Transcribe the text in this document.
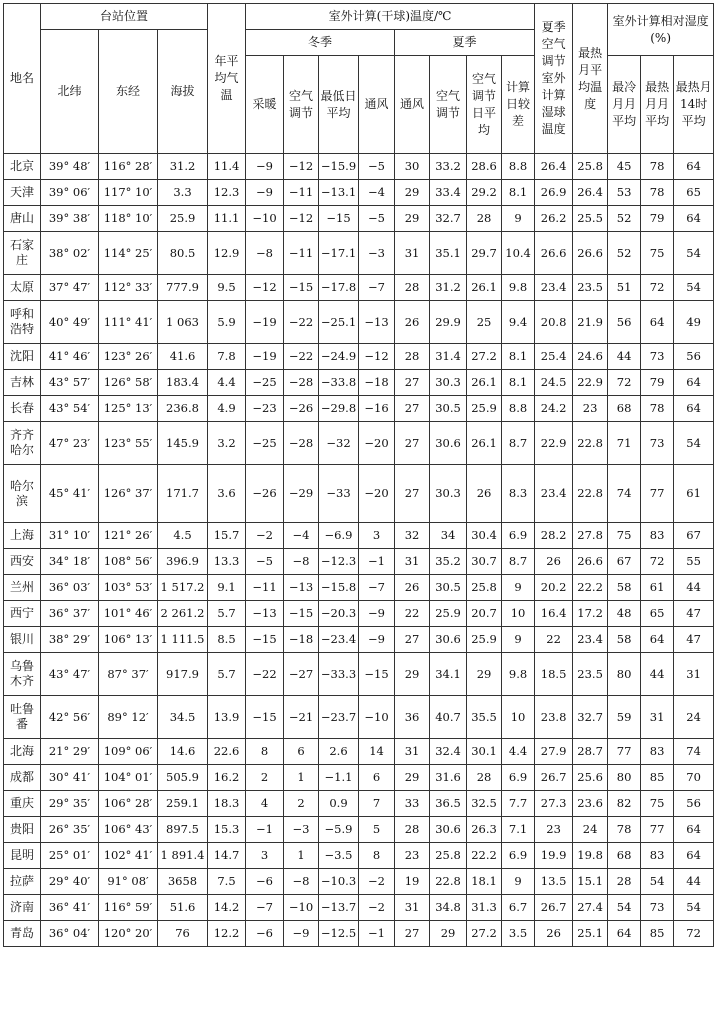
地名	台站位置			年平均气温	室外计算(干球)温度/℃								夏季空气调节室外计算湿球温度	最热月平均温度	室外计算相对湿度(%)		
	北纬	东经	海拔		冬季				夏季								
					采暖	空气调节	最低日平均	通风	通风	空气调节	空气调节日平均	计算日较差			最冷月月平均	最热月月平均	最热月14时平均
北京	39° 48′	116° 28′	31.2	11.4	−9	−12	−15.9	−5	30	33.2	28.6	8.8	26.4	25.8	45	78	64
天津	39° 06′	117° 10′	3.3	12.3	−9	−11	−13.1	−4	29	33.4	29.2	8.1	26.9	26.4	53	78	65
唐山	39° 38′	118° 10′	25.9	11.1	−10	−12	−15	−5	29	32.7	28	9	26.2	25.5	52	79	64
石家庄	38° 02′	114° 25′	80.5	12.9	−8	−11	−17.1	−3	31	35.1	29.7	10.4	26.6	26.6	52	75	54
太原	37° 47′	112° 33′	777.9	9.5	−12	−15	−17.8	−7	28	31.2	26.1	9.8	23.4	23.5	51	72	54
呼和浩特	40° 49′	111° 41′	1 063	5.9	−19	−22	−25.1	−13	26	29.9	25	9.4	20.8	21.9	56	64	49
沈阳	41° 46′	123° 26′	41.6	7.8	−19	−22	−24.9	−12	28	31.4	27.2	8.1	25.4	24.6	44	73	56
吉林	43° 57′	126° 58′	183.4	4.4	−25	−28	−33.8	−18	27	30.3	26.1	8.1	24.5	22.9	72	79	64
长春	43° 54′	125° 13′	236.8	4.9	−23	−26	−29.8	−16	27	30.5	25.9	8.8	24.2	23	68	78	64
齐齐哈尔	47° 23′	123° 55′	145.9	3.2	−25	−28	−32	−20	27	30.6	26.1	8.7	22.9	22.8	71	73	54
哈尔滨	45° 41′	126° 37′	171.7	3.6	−26	−29	−33	−20	27	30.3	26	8.3	23.4	22.8	74	77	61
上海	31° 10′	121° 26′	4.5	15.7	−2	−4	−6.9	3	32	34	30.4	6.9	28.2	27.8	75	83	67
西安	34° 18′	108° 56′	396.9	13.3	−5	−8	−12.3	−1	31	35.2	30.7	8.7	26	26.6	67	72	55
兰州	36° 03′	103° 53′	1 517.2	9.1	−11	−13	−15.8	−7	26	30.5	25.8	9	20.2	22.2	58	61	44
西宁	36° 37′	101° 46′	2 261.2	5.7	−13	−15	−20.3	−9	22	25.9	20.7	10	16.4	17.2	48	65	47
银川	38° 29′	106° 13′	1 111.5	8.5	−15	−18	−23.4	−9	27	30.6	25.9	9	22	23.4	58	64	47
乌鲁木齐	43° 47′	87° 37′	917.9	5.7	−22	−27	−33.3	−15	29	34.1	29	9.8	18.5	23.5	80	44	31
吐鲁番	42° 56′	89° 12′	34.5	13.9	−15	−21	−23.7	−10	36	40.7	35.5	10	23.8	32.7	59	31	24
北海	21° 29′	109° 06′	14.6	22.6	8	6	2.6	14	31	32.4	30.1	4.4	27.9	28.7	77	83	74
成都	30° 41′	104° 01′	505.9	16.2	2	1	−1.1	6	29	31.6	28	6.9	26.7	25.6	80	85	70
重庆	29° 35′	106° 28′	259.1	18.3	4	2	0.9	7	33	36.5	32.5	7.7	27.3	23.6	82	75	56
贵阳	26° 35′	106° 43′	897.5	15.3	−1	−3	−5.9	5	28	30.6	26.3	7.1	23	24	78	77	64
昆明	25° 01′	102° 41′	1 891.4	14.7	3	1	−3.5	8	23	25.8	22.2	6.9	19.9	19.8	68	83	64
拉萨	29° 40′	91° 08′	3658	7.5	−6	−8	−10.3	−2	19	22.8	18.1	9	13.5	15.1	28	54	44
济南	36° 41′	116° 59′	51.6	14.2	−7	−10	−13.7	−2	31	34.8	31.3	6.7	26.7	27.4	54	73	54
青岛	36° 04′	120° 20′	76	12.2	−6	−9	−12.5	−1	27	29	27.2	3.5	26	25.1	64	85	72
